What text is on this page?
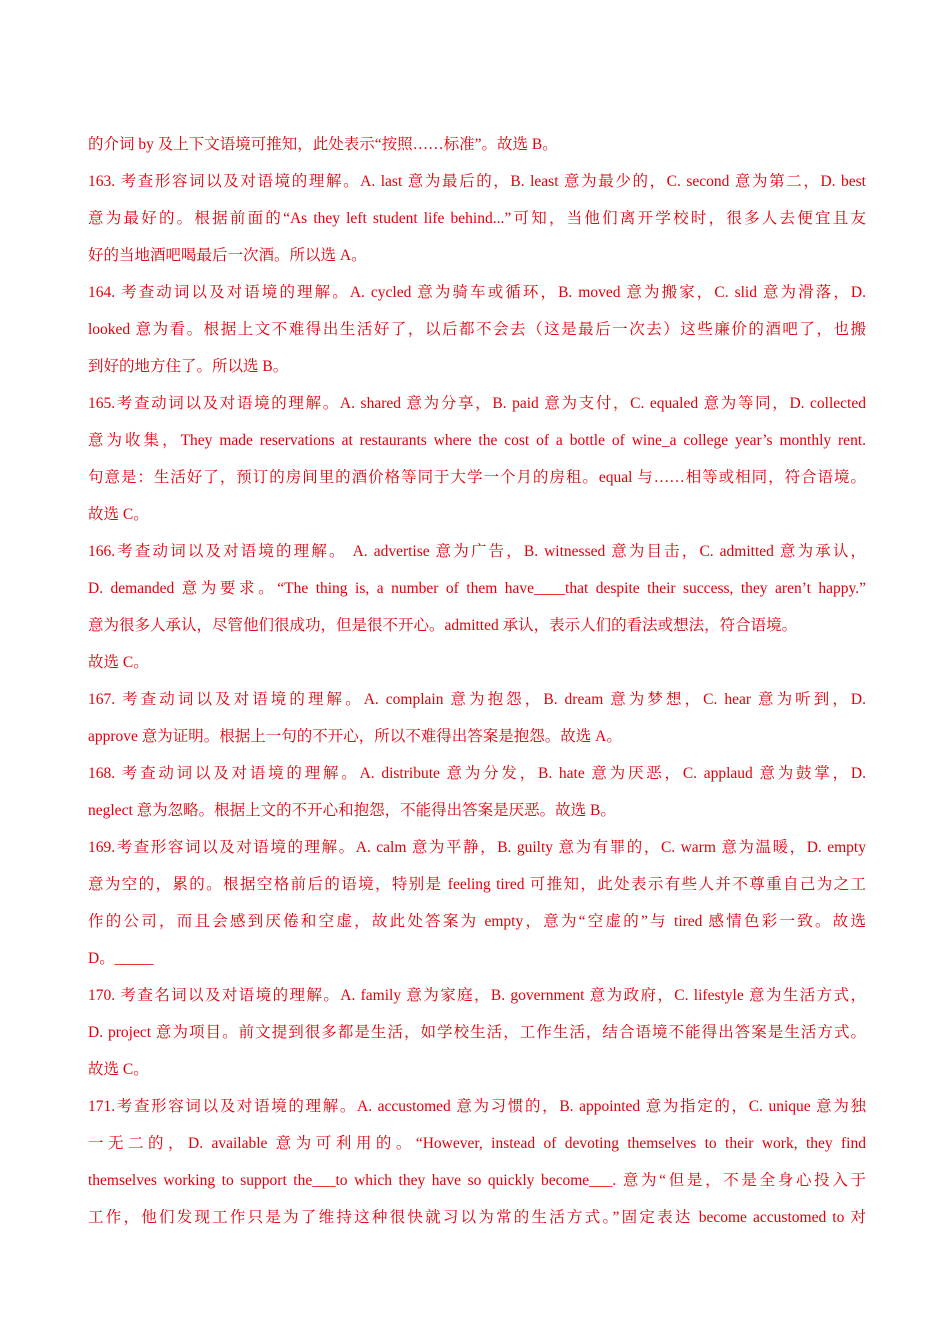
的介词 by 及上下文语境可推知，此处表示“按照……标准”。故选 B。
163. 考查形容词以及对语境的理解。A. last 意为最后的，B. least 意为最少的，C. second 意为第二，D. best
意为最好的。根据前面的“As they left student life behind...”可知，当他们离开学校时，很多人去便宜且友
好的当地酒吧喝最后一次酒。所以选 A。
164. 考查动词以及对语境的理解。A. cycled 意为骑车或循环，B. moved 意为搬家，C. slid 意为滑落，D.
looked 意为看。根据上文不难得出生活好了，以后都不会去（这是最后一次去）这些廉价的酒吧了，也搬
到好的地方住了。所以选 B。
165.考查动词以及对语境的理解。A. shared 意为分享，B. paid 意为支付，C. equaled 意为等同，D. collected
意为收集，They made reservations at restaurants where the cost of a bottle of wine_a college year’s monthly rent.
句意是：生活好了，预订的房间里的酒价格等同于大学一个月的房租。equal 与……相等或相同，符合语境。
故选 C。
166.考查动词以及对语境的理解。 A. advertise 意为广告，B. witnessed 意为目击，C. admitted 意为承认，
D. demanded 意为要求。“The thing is, a number of them have____that despite their success, they aren’t happy.”
意为很多人承认，尽管他们很成功，但是很不开心。admitted 承认，表示人们的看法或想法，符合语境。
故选 C。
167. 考查动词以及对语境的理解。A. complain 意为抱怨，B. dream 意为梦想，C. hear 意为听到，D.
approve 意为证明。根据上一句的不开心，所以不难得出答案是抱怨。故选 A。
168. 考查动词以及对语境的理解。A. distribute 意为分发，B. hate 意为厌恶，C. applaud 意为鼓掌，D.
neglect 意为忽略。根据上文的不开心和抱怨，不能得出答案是厌恶。故选 B。
169.考查形容词以及对语境的理解。A. calm 意为平静，B. guilty 意为有罪的，C. warm 意为温暖，D. empty
意为空的，累的。根据空格前后的语境，特别是 feeling tired 可推知，此处表示有些人并不尊重自己为之工
作的公司，而且会感到厌倦和空虚，故此处答案为 empty，意为“空虚的”与 tired 感情色彩一致。故选
D。_____
170. 考查名词以及对语境的理解。A. family 意为家庭，B. government 意为政府，C. lifestyle 意为生活方式，
D. project 意为项目。前文提到很多都是生活，如学校生活，工作生活，结合语境不能得出答案是生活方式。
故选 C。
171.考查形容词以及对语境的理解。A. accustomed 意为习惯的，B. appointed 意为指定的，C. unique 意为独
一无二的，D. available 意为可利用的。“However, instead of devoting themselves to their work, they find
themselves working to support the___to which they have so quickly become___. 意为“但是，不是全身心投入于
工作，他们发现工作只是为了维持这种很快就习以为常的生活方式。”固定表达 become accustomed to 对
